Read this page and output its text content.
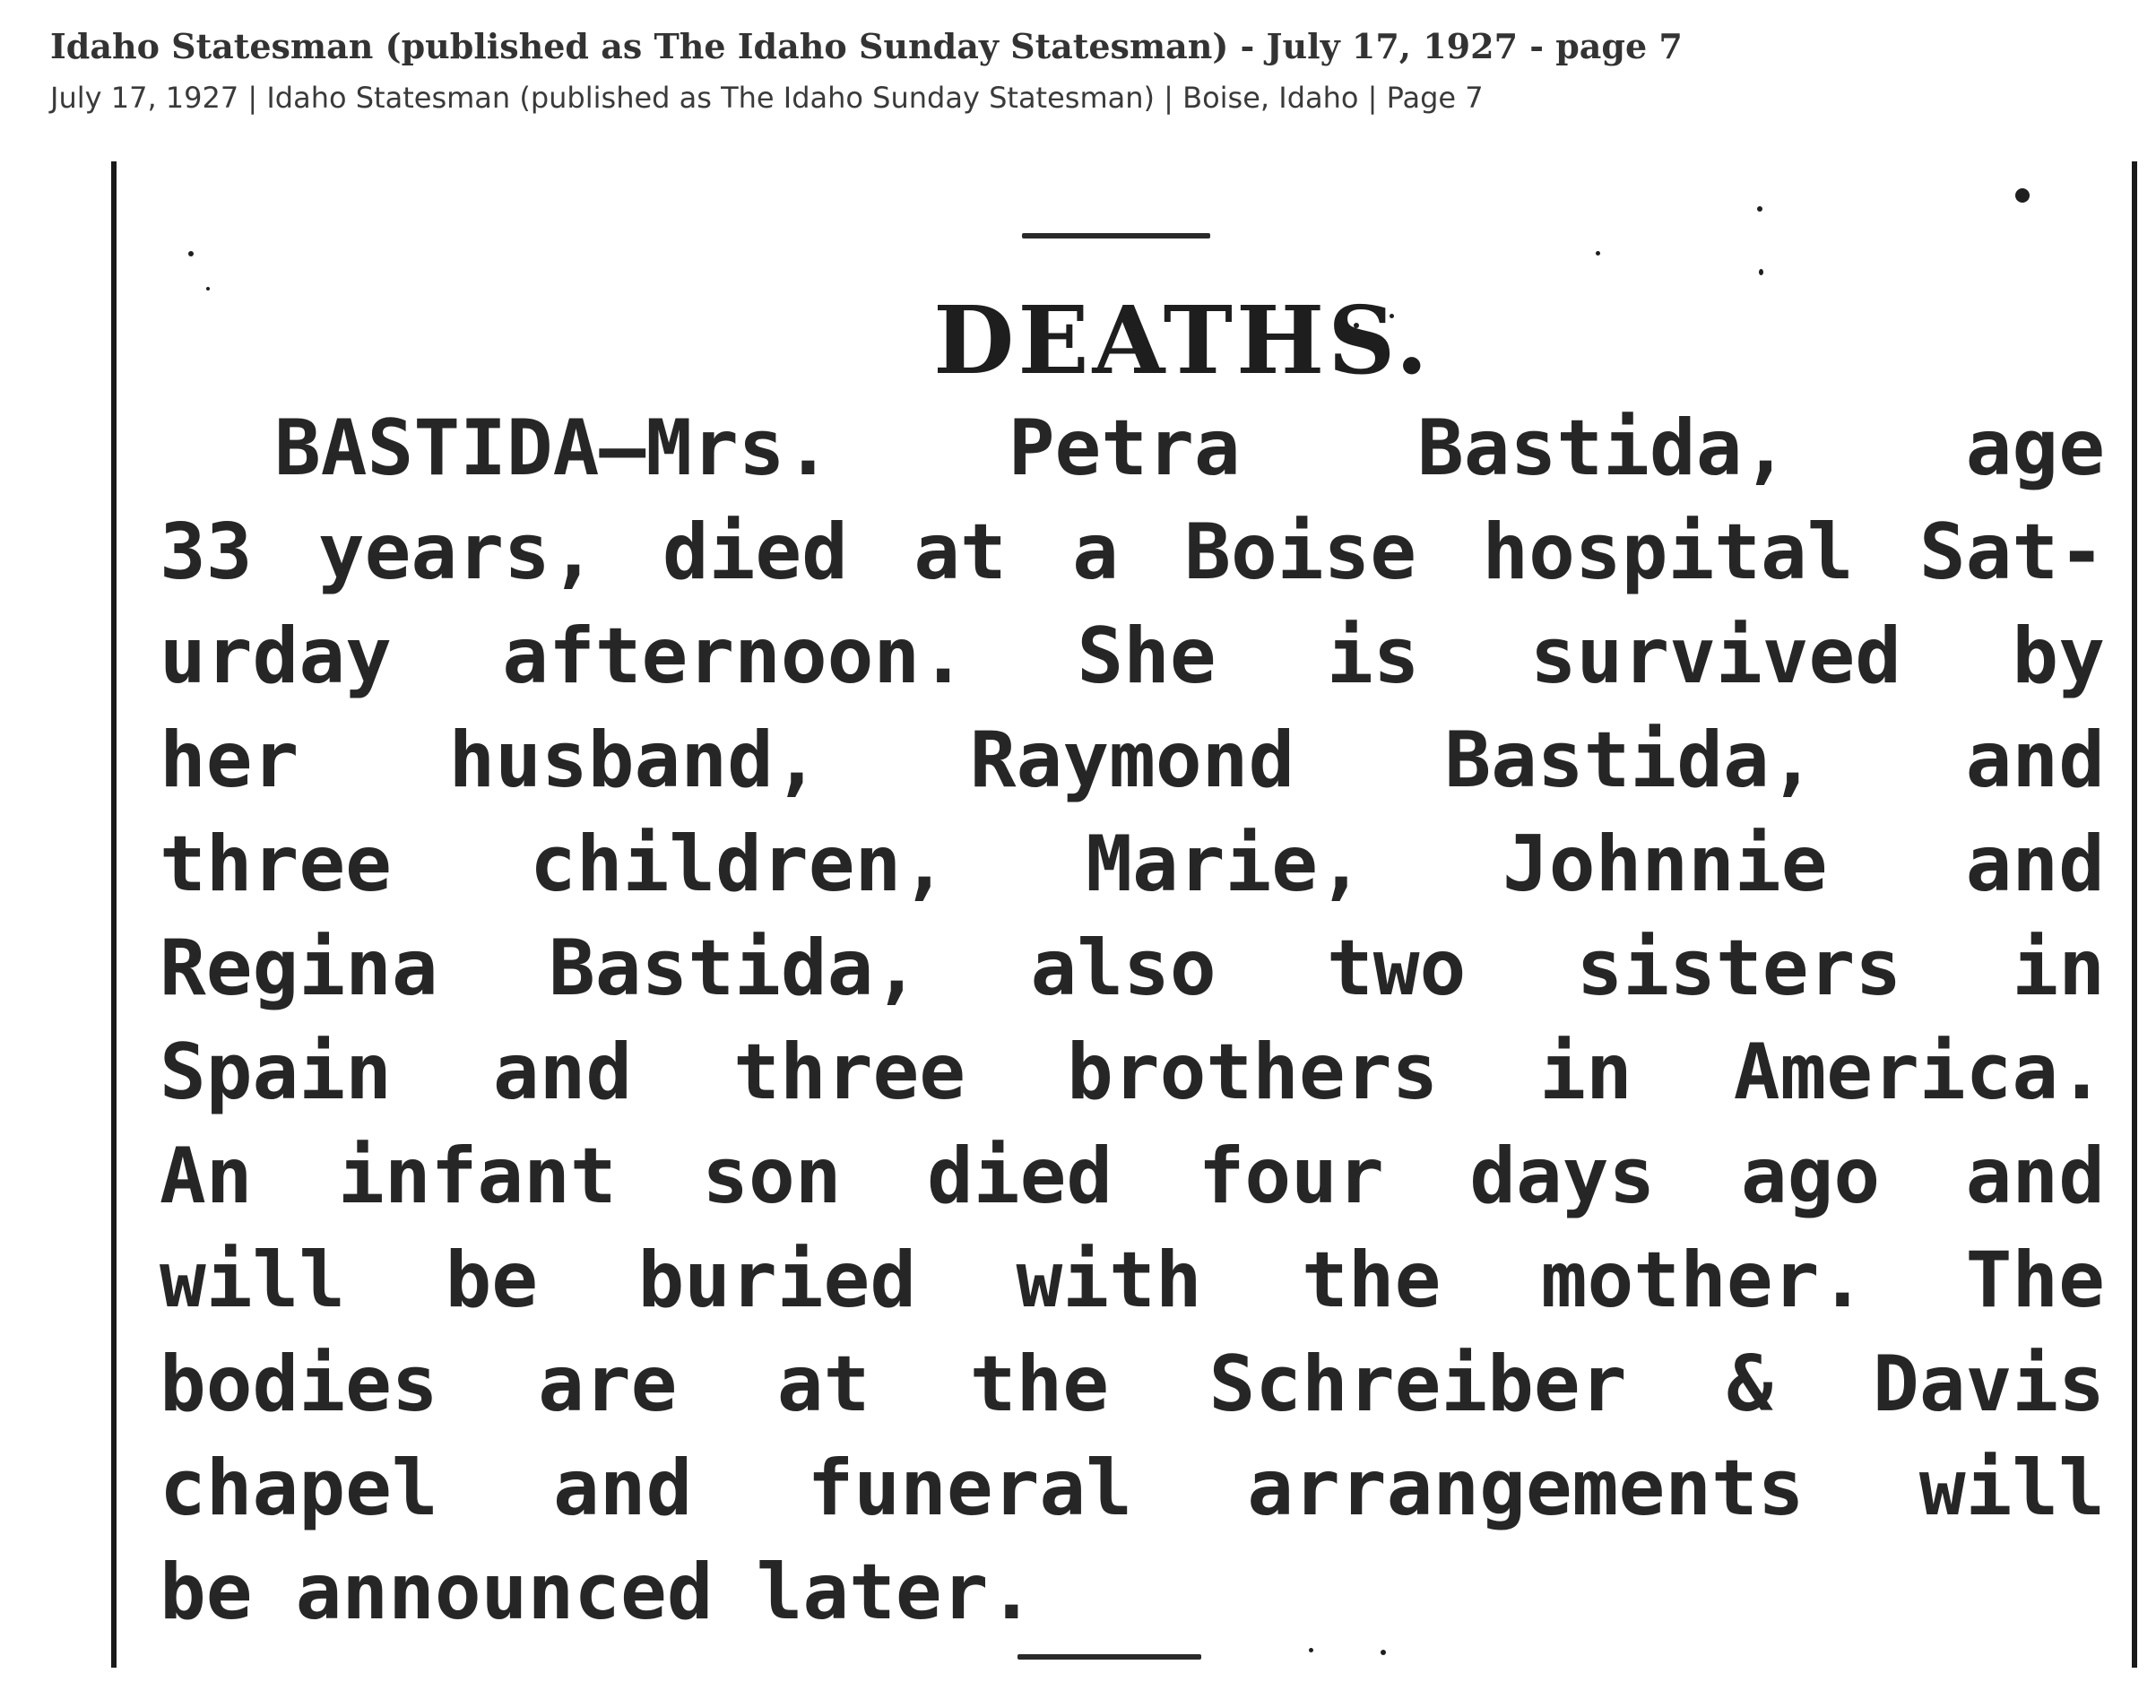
Idaho Statesman (published as The Idaho Sunday Statesman) - July 17, 1927 - page 7
July 17, 1927 | Idaho Statesman (published as The Idaho Sunday Statesman) | Boise, Idaho | Page 7
DEATHS.
BASTIDA—Mrs. Petra Bastida, age
33 years, died at a Boise hospital Sat-
urday afternoon. She is survived by
her husband, Raymond Bastida, and
three children, Marie, Johnnie and
Regina Bastida, also two sisters in
Spain and three brothers in America.
An infant son died four days ago and
will be buried with the mother. The
bodies are at the Schreiber & Davis
chapel and funeral arrangements will
be announced later.
